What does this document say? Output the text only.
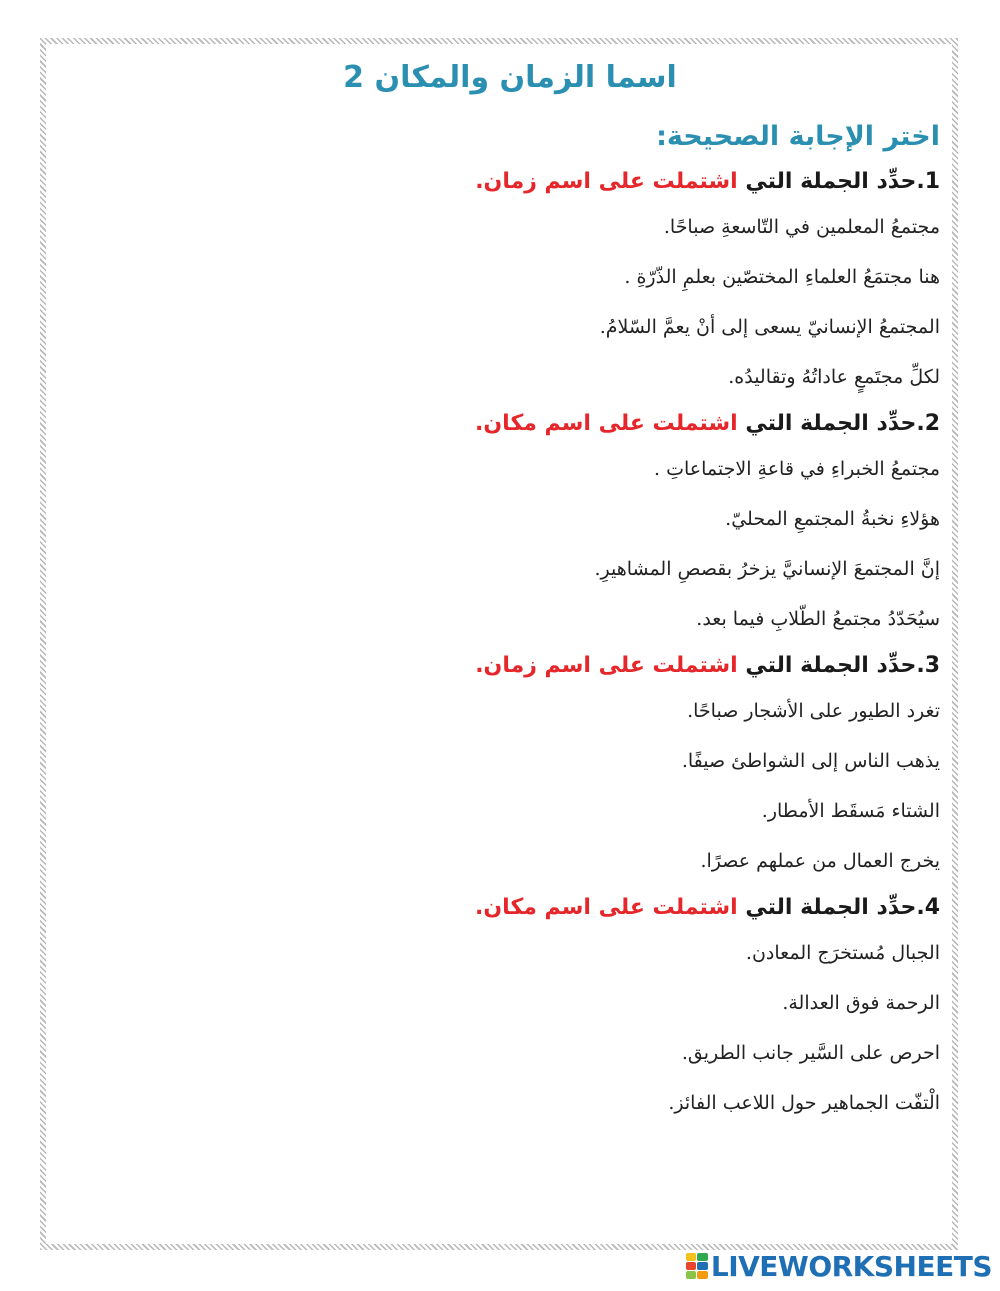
اسما الزمان والمكان 2
اختر الإجابة الصحيحة:
1.حدِّد الجملة التي اشتملت على اسم زمان.
مجتمعُ المعلمين في التّاسعةِ صباحًا.
هنا مجتمَعُ العلماءِ المختصّين بعلمِ الذّرّةِ .
المجتمعُ الإنسانيّ يسعى إلى أنْ يعمَّ السّلامُ.
لكلِّ مجتَمعٍ عاداتُهُ وتقاليدُه.
2.حدِّد الجملة التي اشتملت على اسم مكان.
مجتمعُ الخبراءِ في قاعةِ الاجتماعاتِ .
هؤلاءِ نخبةُ المجتمعِ المحليّ.
إنَّ المجتمعَ الإنسانيَّ يزخرُ بقصصِ المشاهيرِ.
سيُحَدّدُ مجتمعُ الطّلابِ فيما بعد.
3.حدِّد الجملة التي اشتملت على اسم زمان.
تغرد الطيور على الأشجار صباحًا.
يذهب الناس إلى الشواطئ صيفًا.
الشتاء مَسقَط الأمطار.
يخرج العمال من عملهم عصرًا.
4.حدِّد الجملة التي اشتملت على اسم مكان.
الجبال مُستخرَج المعادن.
الرحمة فوق العدالة.
احرص على السَّير جانب الطريق.
الْتفّت الجماهير حول اللاعب الفائز.
LIVEWORKSHEETS
